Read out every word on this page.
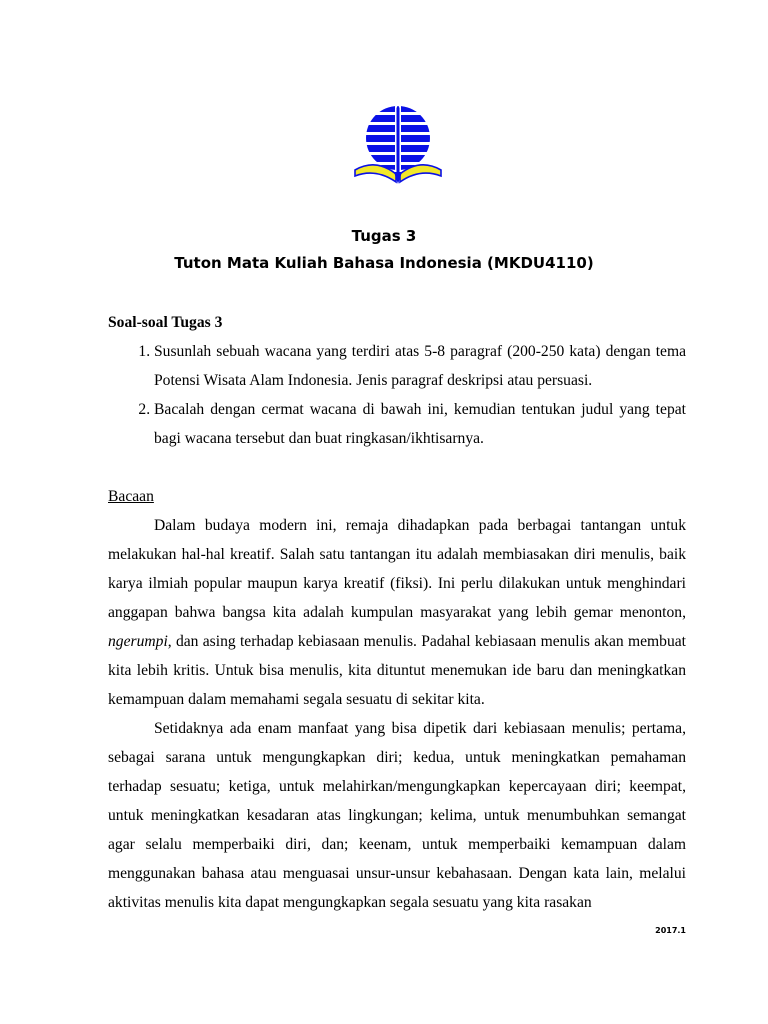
Tugas 3
Tuton Mata Kuliah Bahasa Indonesia (MKDU4110)

Soal-soal Tugas 3

1. Susunlah sebuah wacana yang terdiri atas 5-8 paragraf (200-250 kata) dengan tema Potensi Wisata Alam Indonesia. Jenis paragraf deskripsi atau persuasi.
2. Bacalah dengan cermat wacana di bawah ini, kemudian tentukan judul yang tepat bagi wacana tersebut dan buat ringkasan/ikhtisarnya.
Bacaan

Dalam budaya modern ini, remaja dihadapkan pada berbagai tantangan untuk melakukan hal-hal kreatif. Salah satu tantangan itu adalah membiasakan diri menulis, baik karya ilmiah popular maupun karya kreatif (fiksi). Ini perlu dilakukan untuk menghindari anggapan bahwa bangsa kita adalah kumpulan masyarakat yang lebih gemar menonton, ngerumpi, dan asing terhadap kebiasaan menulis. Padahal kebiasaan menulis akan membuat kita lebih kritis. Untuk bisa menulis, kita dituntut menemukan ide baru dan meningkatkan kemampuan dalam memahami segala sesuatu di sekitar kita.

Setidaknya ada enam manfaat yang bisa dipetik dari kebiasaan menulis; pertama, sebagai sarana untuk mengungkapkan diri; kedua, untuk meningkatkan pemahaman terhadap sesuatu; ketiga, untuk melahirkan/mengungkapkan kepercayaan diri; keempat, untuk meningkatkan kesadaran atas lingkungan; kelima, untuk menumbuhkan semangat agar selalu memperbaiki diri, dan; keenam, untuk memperbaiki kemampuan dalam menggunakan bahasa atau menguasai unsur-unsur kebahasaan. Dengan kata lain, melalui aktivitas menulis kita dapat mengungkapkan segala sesuatu yang kita rasakan

2017.1
